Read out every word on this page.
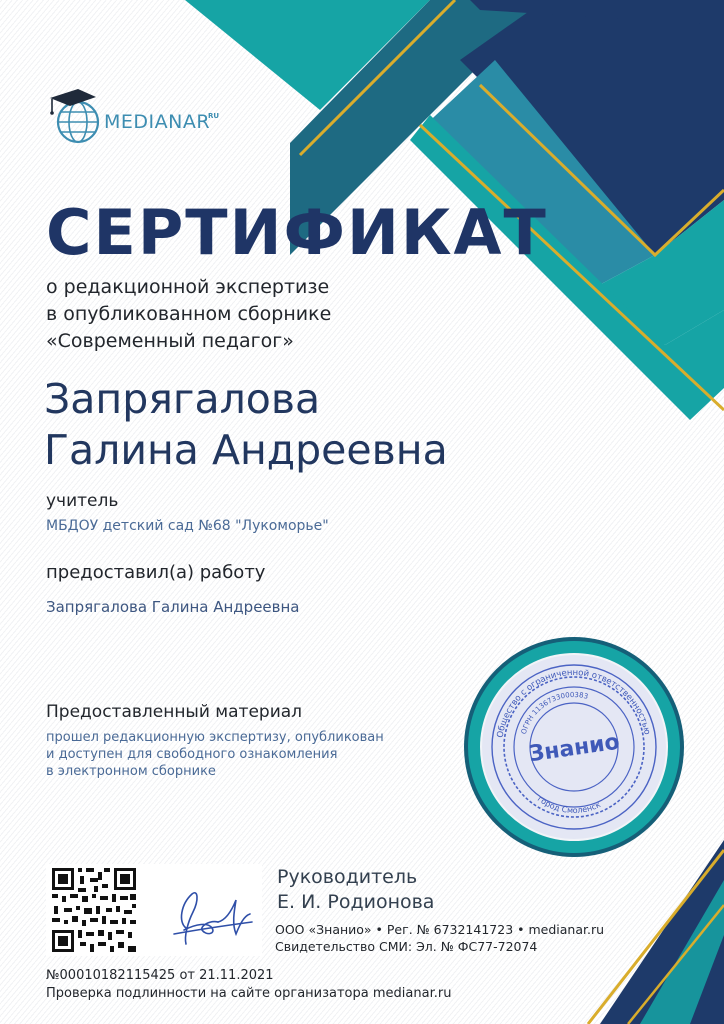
Общество с ограниченной ответственностью
ОГРН 1136733000383
город Смоленск
Знанио
MEDIANAR
RU
СЕРТИФИКАТ
о редакционной экспертизе
в опубликованном сборнике
«Современный педагог»
Запрягалова
Галина Андреевна
учитель
МБДОУ детский сад №68 "Лукоморье"
предоставил(а) работу
Запрягалова Галина Андреевна
Предоставленный материал
прошел редакционную экспертизу, опубликован
и доступен для свободного ознакомления
в электронном сборнике
Руководитель
Е. И. Родионова
ООО «Знанио» • Рег. № 6732141723 • medianar.ru
Свидетельство СМИ: Эл. № ФС77-72074
№00010182115425 от 21.11.2021
Проверка подлинности на сайте организатора medianar.ru
